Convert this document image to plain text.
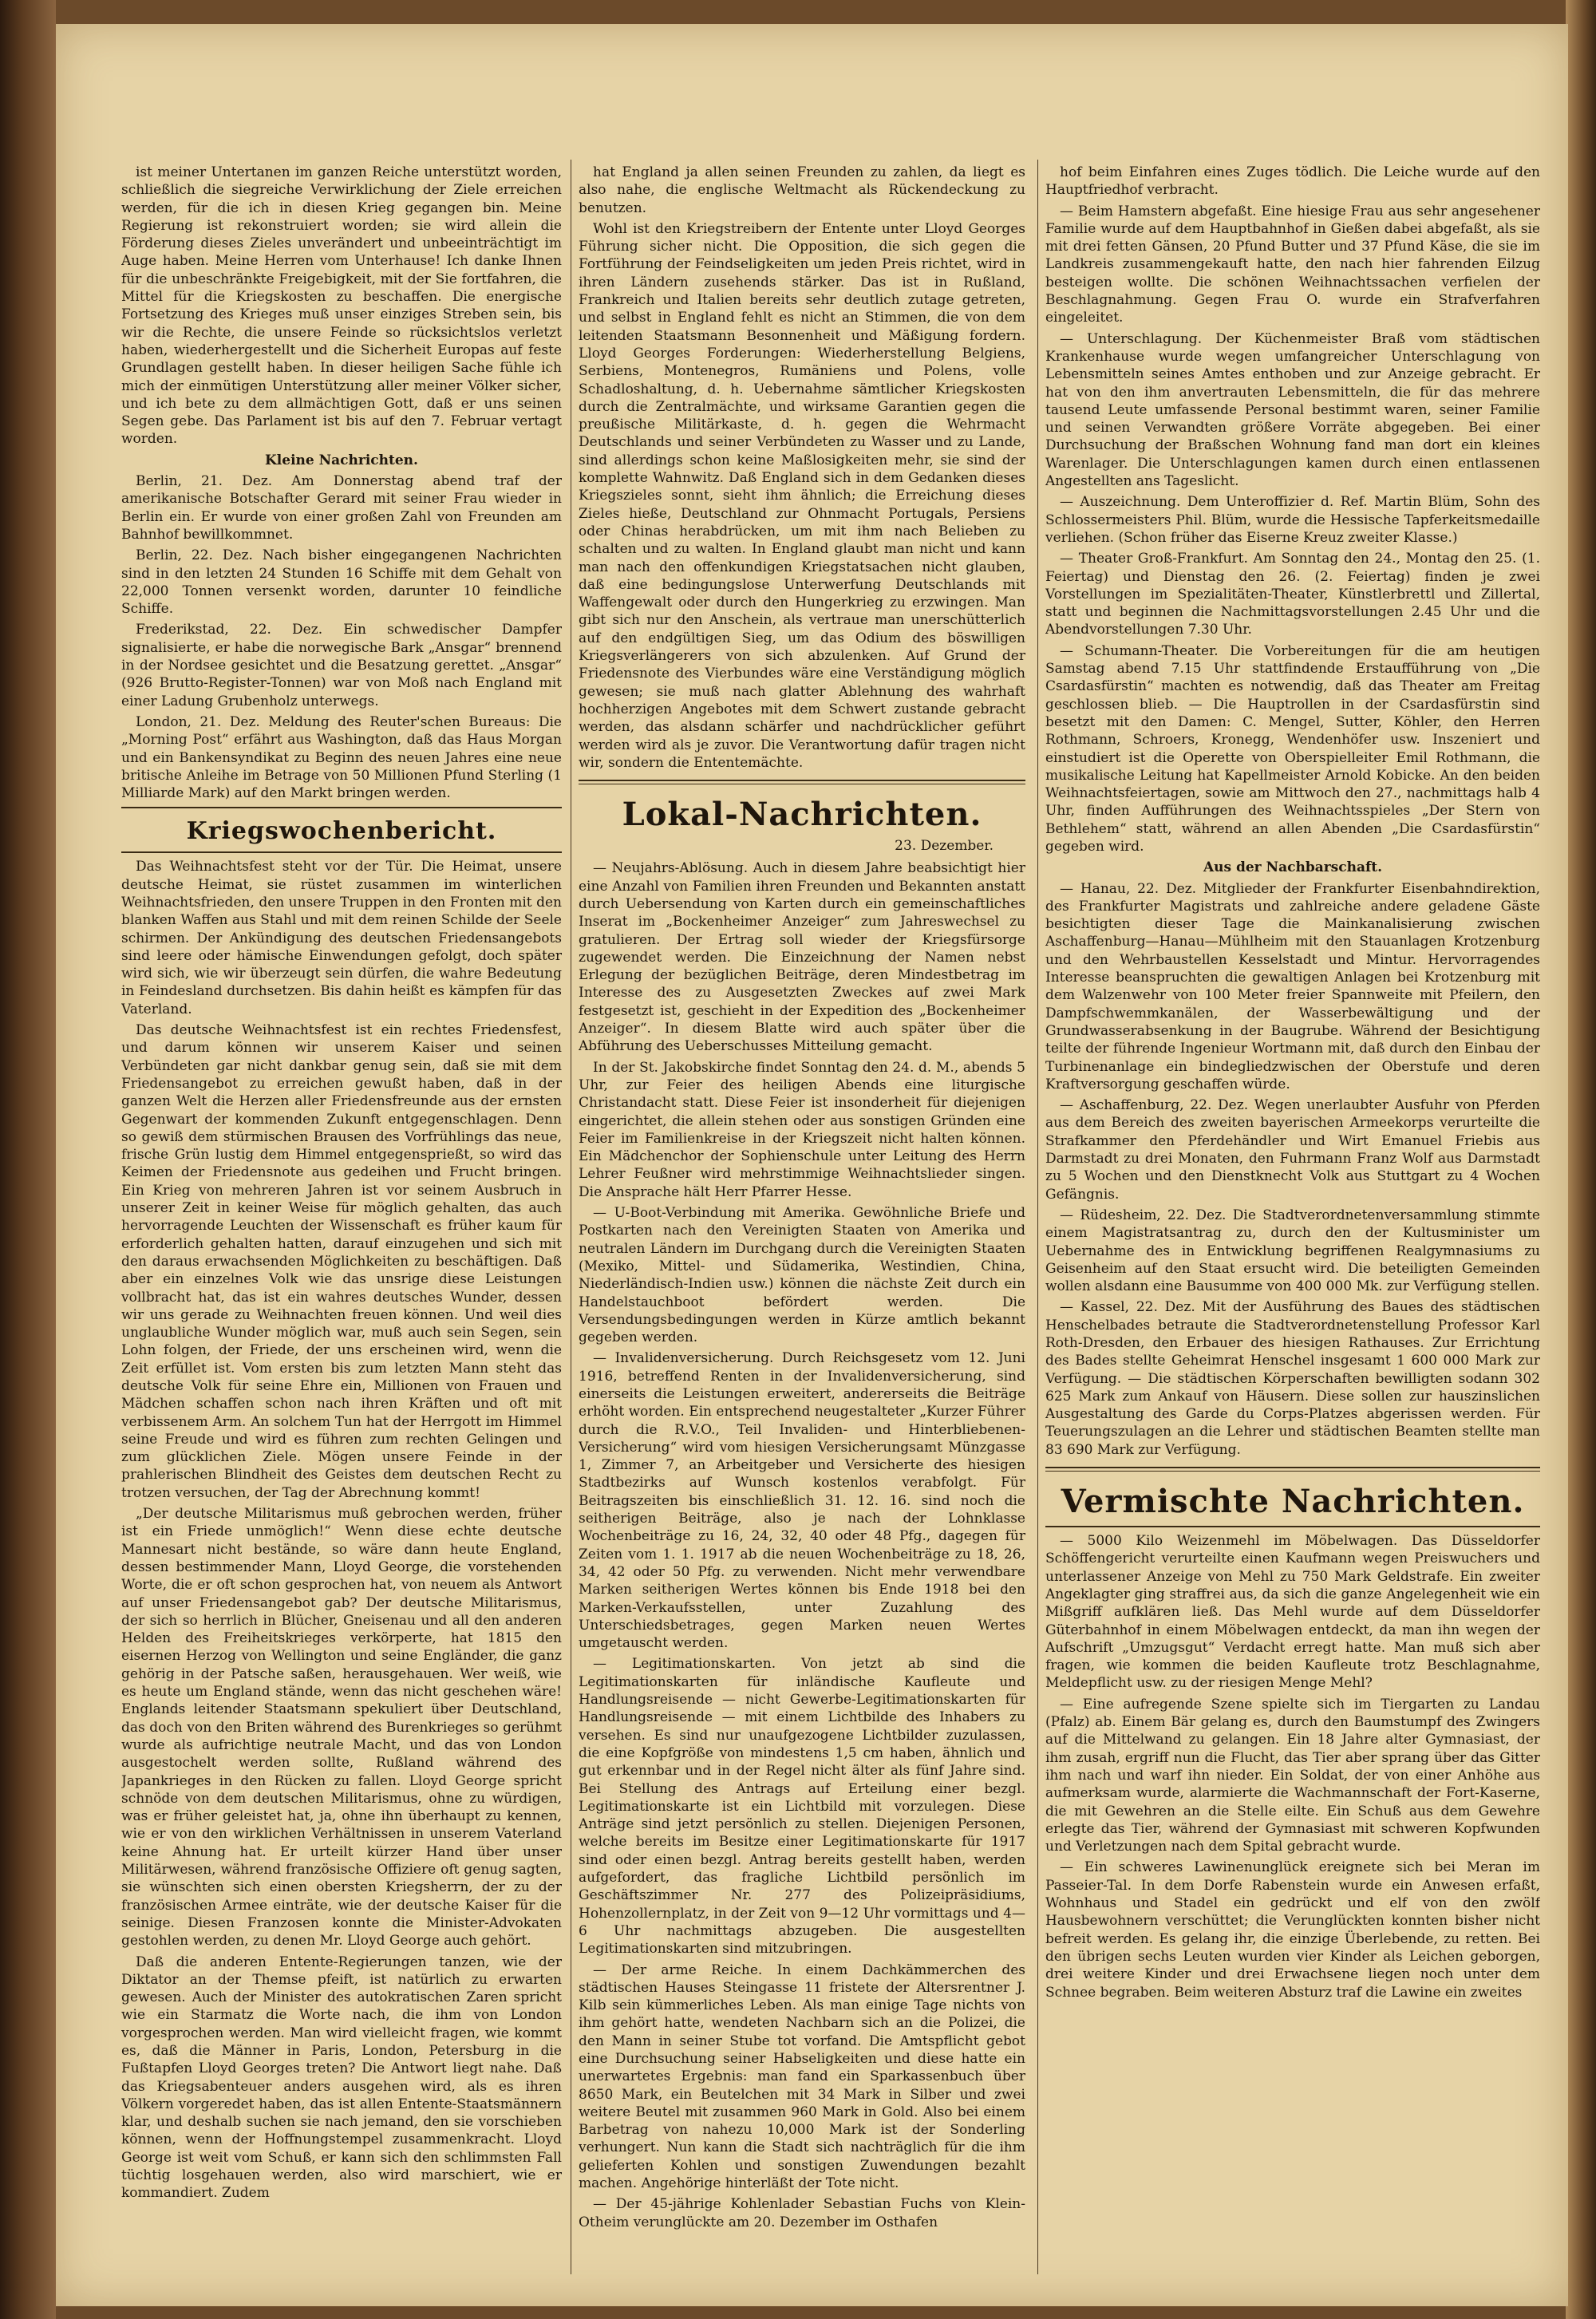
ist meiner Untertanen im ganzen Reiche unterstützt worden, schließlich die siegreiche Verwirklichung der Ziele erreichen werden, für die ich in diesen Krieg gegangen bin. Meine Regierung ist rekonstruiert worden; sie wird allein die Förderung dieses Zieles unverändert und unbeeinträchtigt im Auge haben. Meine Herren vom Unterhause! Ich danke Ihnen für die unbeschränkte Freigebigkeit, mit der Sie fortfahren, die Mittel für die Kriegskosten zu beschaffen. Die energische Fortsetzung des Krieges muß unser einziges Streben sein, bis wir die Rechte, die unsere Feinde so rücksichtslos verletzt haben, wiederhergestellt und die Sicherheit Europas auf feste Grundlagen gestellt haben. In dieser heiligen Sache fühle ich mich der einmütigen Unterstützung aller meiner Völker sicher, und ich bete zu dem allmächtigen Gott, daß er uns seinen Segen gebe. Das Parlament ist bis auf den 7. Februar vertagt worden.

Kleine Nachrichten.

Berlin, 21. Dez. Am Donnerstag abend traf der amerikanische Botschafter Gerard mit seiner Frau wieder in Berlin ein. Er wurde von einer großen Zahl von Freunden am Bahnhof bewillkommnet.

Berlin, 22. Dez. Nach bisher eingegangenen Nachrichten sind in den letzten 24 Stunden 16 Schiffe mit dem Gehalt von 22,000 Tonnen versenkt worden, darunter 10 feindliche Schiffe.

Frederikstad, 22. Dez. Ein schwedischer Dampfer signalisierte, er habe die norwegische Bark „Ansgar“ brennend in der Nordsee gesichtet und die Besatzung gerettet. „Ansgar“ (926 Brutto-Register-Tonnen) war von Moß nach England mit einer Ladung Grubenholz unterwegs.

London, 21. Dez. Meldung des Reuter'schen Bureaus: Die „Morning Post“ erfährt aus Washington, daß das Haus Morgan und ein Bankensyndikat zu Beginn des neuen Jahres eine neue britische Anleihe im Betrage von 50 Millionen Pfund Sterling (1 Milliarde Mark) auf den Markt bringen werden.

Kriegswochenbericht.

Das Weihnachtsfest steht vor der Tür. Die Heimat, unsere deutsche Heimat, sie rüstet zusammen im winterlichen Weihnachtsfrieden, den unsere Truppen in den Fronten mit den blanken Waffen aus Stahl und mit dem reinen Schilde der Seele schirmen. Der Ankündigung des deutschen Friedensangebots sind leere oder hämische Einwendungen gefolgt, doch später wird sich, wie wir überzeugt sein dürfen, die wahre Bedeutung in Feindesland durchsetzen. Bis dahin heißt es kämpfen für das Vaterland.

Das deutsche Weihnachtsfest ist ein rechtes Friedensfest, und darum können wir unserem Kaiser und seinen Verbündeten gar nicht dankbar genug sein, daß sie mit dem Friedensangebot zu erreichen gewußt haben, daß in der ganzen Welt die Herzen aller Friedensfreunde aus der ernsten Gegenwart der kommenden Zukunft entgegenschlagen. Denn so gewiß dem stürmischen Brausen des Vorfrühlings das neue, frische Grün lustig dem Himmel entgegensprießt, so wird das Keimen der Friedensnote aus gedeihen und Frucht bringen. Ein Krieg von mehreren Jahren ist vor seinem Ausbruch in unserer Zeit in keiner Weise für möglich gehalten, das auch hervorragende Leuchten der Wissenschaft es früher kaum für erforderlich gehalten hatten, darauf einzugehen und sich mit den daraus erwachsenden Möglichkeiten zu beschäftigen. Daß aber ein einzelnes Volk wie das unsrige diese Leistungen vollbracht hat, das ist ein wahres deutsches Wunder, dessen wir uns gerade zu Weihnachten freuen können. Und weil dies unglaubliche Wunder möglich war, muß auch sein Segen, sein Lohn folgen, der Friede, der uns erscheinen wird, wenn die Zeit erfüllet ist. Vom ersten bis zum letzten Mann steht das deutsche Volk für seine Ehre ein, Millionen von Frauen und Mädchen schaffen schon nach ihren Kräften und oft mit verbissenem Arm. An solchem Tun hat der Herrgott im Himmel seine Freude und wird es führen zum rechten Gelingen und zum glücklichen Ziele. Mögen unsere Feinde in der prahlerischen Blindheit des Geistes dem deutschen Recht zu trotzen versuchen, der Tag der Abrechnung kommt!

„Der deutsche Militarismus muß gebrochen werden, früher ist ein Friede unmöglich!“ Wenn diese echte deutsche Mannesart nicht bestände, so wäre dann heute England, dessen bestimmender Mann, Lloyd George, die vorstehenden Worte, die er oft schon gesprochen hat, von neuem als Antwort auf unser Friedensangebot gab? Der deutsche Militarismus, der sich so herrlich in Blücher, Gneisenau und all den anderen Helden des Freiheitskrieges verkörperte, hat 1815 den eisernen Herzog von Wellington und seine Engländer, die ganz gehörig in der Patsche saßen, herausgehauen. Wer weiß, wie es heute um England stände, wenn das nicht geschehen wäre! Englands leitender Staatsmann spekuliert über Deutschland, das doch von den Briten während des Burenkrieges so gerühmt wurde als aufrichtige neutrale Macht, und das von London ausgestochelt werden sollte, Rußland während des Japankrieges in den Rücken zu fallen. Lloyd George spricht schnöde von dem deutschen Militarismus, ohne zu würdigen, was er früher geleistet hat, ja, ohne ihn überhaupt zu kennen, wie er von den wirklichen Verhältnissen in unserem Vaterland keine Ahnung hat. Er urteilt kürzer Hand über unser Militärwesen, während französische Offiziere oft genug sagten, sie wünschten sich einen obersten Kriegsherrn, der zu der französischen Armee einträte, wie der deutsche Kaiser für die seinige. Diesen Franzosen konnte die Minister-Advokaten gestohlen werden, zu denen Mr. Lloyd George auch gehört.

Daß die anderen Entente-Regierungen tanzen, wie der Diktator an der Themse pfeift, ist natürlich zu erwarten gewesen. Auch der Minister des autokratischen Zaren spricht wie ein Starmatz die Worte nach, die ihm von London vorgesprochen werden. Man wird vielleicht fragen, wie kommt es, daß die Männer in Paris, London, Petersburg in die Fußtapfen Lloyd Georges treten? Die Antwort liegt nahe. Daß das Kriegsabenteuer anders ausgehen wird, als es ihren Völkern vorgeredet haben, das ist allen Entente-Staatsmännern klar, und deshalb suchen sie nach jemand, den sie vorschieben können, wenn der Hoffnungstempel zusammenkracht. Lloyd George ist weit vom Schuß, er kann sich den schlimmsten Fall tüchtig losgehauen werden, also wird marschiert, wie er kommandiert. Zudem

hat England ja allen seinen Freunden zu zahlen, da liegt es also nahe, die englische Weltmacht als Rückendeckung zu benutzen.

Wohl ist den Kriegstreibern der Entente unter Lloyd Georges Führung sicher nicht. Die Opposition, die sich gegen die Fortführung der Feindseligkeiten um jeden Preis richtet, wird in ihren Ländern zusehends stärker. Das ist in Rußland, Frankreich und Italien bereits sehr deutlich zutage getreten, und selbst in England fehlt es nicht an Stimmen, die von dem leitenden Staatsmann Besonnenheit und Mäßigung fordern. Lloyd Georges Forderungen: Wiederherstellung Belgiens, Serbiens, Montenegros, Rumäniens und Polens, volle Schadloshaltung, d. h. Uebernahme sämtlicher Kriegskosten durch die Zentralmächte, und wirksame Garantien gegen die preußische Militärkaste, d. h. gegen die Wehrmacht Deutschlands und seiner Verbündeten zu Wasser und zu Lande, sind allerdings schon keine Maßlosigkeiten mehr, sie sind der komplette Wahnwitz. Daß England sich in dem Gedanken dieses Kriegszieles sonnt, sieht ihm ähnlich; die Erreichung dieses Zieles hieße, Deutschland zur Ohnmacht Portugals, Persiens oder Chinas herabdrücken, um mit ihm nach Belieben zu schalten und zu walten. In England glaubt man nicht und kann man nach den offenkundigen Kriegstatsachen nicht glauben, daß eine bedingungslose Unterwerfung Deutschlands mit Waffengewalt oder durch den Hungerkrieg zu erzwingen. Man gibt sich nur den Anschein, als vertraue man unerschütterlich auf den endgültigen Sieg, um das Odium des böswilligen Kriegsverlängerers von sich abzulenken. Auf Grund der Friedensnote des Vierbundes wäre eine Verständigung möglich gewesen; sie muß nach glatter Ablehnung des wahrhaft hochherzigen Angebotes mit dem Schwert zustande gebracht werden, das alsdann schärfer und nachdrücklicher geführt werden wird als je zuvor. Die Verantwortung dafür tragen nicht wir, sondern die Ententemächte.

Lokal-Nachrichten.
23. Dezember.

— Neujahrs-Ablösung. Auch in diesem Jahre beabsichtigt hier eine Anzahl von Familien ihren Freunden und Bekannten anstatt durch Uebersendung von Karten durch ein gemeinschaftliches Inserat im „Bockenheimer Anzeiger“ zum Jahreswechsel zu gratulieren. Der Ertrag soll wieder der Kriegsfürsorge zugewendet werden. Die Einzeichnung der Namen nebst Erlegung der bezüglichen Beiträge, deren Mindestbetrag im Interesse des zu Ausgesetzten Zweckes auf zwei Mark festgesetzt ist, geschieht in der Expedition des „Bockenheimer Anzeiger“. In diesem Blatte wird auch später über die Abführung des Ueberschusses Mitteilung gemacht.

In der St. Jakobskirche findet Sonntag den 24. d. M., abends 5 Uhr, zur Feier des heiligen Abends eine liturgische Christandacht statt. Diese Feier ist insonderheit für diejenigen eingerichtet, die allein stehen oder aus sonstigen Gründen eine Feier im Familienkreise in der Kriegszeit nicht halten können. Ein Mädchenchor der Sophienschule unter Leitung des Herrn Lehrer Feußner wird mehrstimmige Weihnachtslieder singen. Die Ansprache hält Herr Pfarrer Hesse.

— U-Boot-Verbindung mit Amerika. Gewöhnliche Briefe und Postkarten nach den Vereinigten Staaten von Amerika und neutralen Ländern im Durchgang durch die Vereinigten Staaten (Mexiko, Mittel- und Südamerika, Westindien, China, Niederländisch-Indien usw.) können die nächste Zeit durch ein Handelstauchboot befördert werden. Die Versendungsbedingungen werden in Kürze amtlich bekannt gegeben werden.

— Invalidenversicherung. Durch Reichsgesetz vom 12. Juni 1916, betreffend Renten in der Invalidenversicherung, sind einerseits die Leistungen erweitert, andererseits die Beiträge erhöht worden. Ein entsprechend neugestalteter „Kurzer Führer durch die R.V.O., Teil Invaliden- und Hinterbliebenen-Versicherung“ wird vom hiesigen Versicherungsamt Münzgasse 1, Zimmer 7, an Arbeitgeber und Versicherte des hiesigen Stadtbezirks auf Wunsch kostenlos verabfolgt. Für Beitragszeiten bis einschließlich 31. 12. 16. sind noch die seitherigen Beiträge, also je nach der Lohnklasse Wochenbeiträge zu 16, 24, 32, 40 oder 48 Pfg., dagegen für Zeiten vom 1. 1. 1917 ab die neuen Wochenbeiträge zu 18, 26, 34, 42 oder 50 Pfg. zu verwenden. Nicht mehr verwendbare Marken seitherigen Wertes können bis Ende 1918 bei den Marken-Verkaufsstellen, unter Zuzahlung des Unterschiedsbetrages, gegen Marken neuen Wertes umgetauscht werden.

— Legitimationskarten. Von jetzt ab sind die Legitimationskarten für inländische Kaufleute und Handlungsreisende — nicht Gewerbe-Legitimationskarten für Handlungsreisende — mit einem Lichtbilde des Inhabers zu versehen. Es sind nur unaufgezogene Lichtbilder zuzulassen, die eine Kopfgröße von mindestens 1,5 cm haben, ähnlich und gut erkennbar und in der Regel nicht älter als fünf Jahre sind. Bei Stellung des Antrags auf Erteilung einer bezgl. Legitimationskarte ist ein Lichtbild mit vorzulegen. Diese Anträge sind jetzt persönlich zu stellen. Diejenigen Personen, welche bereits im Besitze einer Legitimationskarte für 1917 sind oder einen bezgl. Antrag bereits gestellt haben, werden aufgefordert, das fragliche Lichtbild persönlich im Geschäftszimmer Nr. 277 des Polizeipräsidiums, Hohenzollernplatz, in der Zeit von 9—12 Uhr vormittags und 4—6 Uhr nachmittags abzugeben. Die ausgestellten Legitimationskarten sind mitzubringen.

— Der arme Reiche. In einem Dachkämmerchen des städtischen Hauses Steingasse 11 fristete der Altersrentner J. Kilb sein kümmerliches Leben. Als man einige Tage nichts von ihm gehört hatte, wendeten Nachbarn sich an die Polizei, die den Mann in seiner Stube tot vorfand. Die Amtspflicht gebot eine Durchsuchung seiner Habseligkeiten und diese hatte ein unerwartetes Ergebnis: man fand ein Sparkassenbuch über 8650 Mark, ein Beutelchen mit 34 Mark in Silber und zwei weitere Beutel mit zusammen 960 Mark in Gold. Also bei einem Barbetrag von nahezu 10,000 Mark ist der Sonderling verhungert. Nun kann die Stadt sich nachträglich für die ihm gelieferten Kohlen und sonstigen Zuwendungen bezahlt machen. Angehörige hinterläßt der Tote nicht.

— Der 45-jährige Kohlenlader Sebastian Fuchs von Klein-Otheim verunglückte am 20. Dezember im Osthafen

hof beim Einfahren eines Zuges tödlich. Die Leiche wurde auf den Hauptfriedhof verbracht.

— Beim Hamstern abgefaßt. Eine hiesige Frau aus sehr angesehener Familie wurde auf dem Hauptbahnhof in Gießen dabei abgefaßt, als sie mit drei fetten Gänsen, 20 Pfund Butter und 37 Pfund Käse, die sie im Landkreis zusammengekauft hatte, den nach hier fahrenden Eilzug besteigen wollte. Die schönen Weihnachtssachen verfielen der Beschlagnahmung. Gegen Frau O. wurde ein Strafverfahren eingeleitet.

— Unterschlagung. Der Küchenmeister Braß vom städtischen Krankenhause wurde wegen umfangreicher Unterschlagung von Lebensmitteln seines Amtes enthoben und zur Anzeige gebracht. Er hat von den ihm anvertrauten Lebensmitteln, die für das mehrere tausend Leute umfassende Personal bestimmt waren, seiner Familie und seinen Verwandten größere Vorräte abgegeben. Bei einer Durchsuchung der Braßschen Wohnung fand man dort ein kleines Warenlager. Die Unterschlagungen kamen durch einen entlassenen Angestellten ans Tageslicht.

— Auszeichnung. Dem Unteroffizier d. Ref. Martin Blüm, Sohn des Schlossermeisters Phil. Blüm, wurde die Hessische Tapferkeitsmedaille verliehen. (Schon früher das Eiserne Kreuz zweiter Klasse.)

— Theater Groß-Frankfurt. Am Sonntag den 24., Montag den 25. (1. Feiertag) und Dienstag den 26. (2. Feiertag) finden je zwei Vorstellungen im Spezialitäten-Theater, Künstlerbrettl und Zillertal, statt und beginnen die Nachmittagsvorstellungen 2.45 Uhr und die Abendvorstellungen 7.30 Uhr.

— Schumann-Theater. Die Vorbereitungen für die am heutigen Samstag abend 7.15 Uhr stattfindende Erstaufführung von „Die Csardasfürstin“ machten es notwendig, daß das Theater am Freitag geschlossen blieb. — Die Hauptrollen in der Csardasfürstin sind besetzt mit den Damen: C. Mengel, Sutter, Köhler, den Herren Rothmann, Schroers, Kronegg, Wendenhöfer usw. Inszeniert und einstudiert ist die Operette von Oberspielleiter Emil Rothmann, die musikalische Leitung hat Kapellmeister Arnold Kobicke. An den beiden Weihnachtsfeiertagen, sowie am Mittwoch den 27., nachmittags halb 4 Uhr, finden Aufführungen des Weihnachtsspieles „Der Stern von Bethlehem“ statt, während an allen Abenden „Die Csardasfürstin“ gegeben wird.

Aus der Nachbarschaft.

— Hanau, 22. Dez. Mitglieder der Frankfurter Eisenbahndirektion, des Frankfurter Magistrats und zahlreiche andere geladene Gäste besichtigten dieser Tage die Mainkanalisierung zwischen Aschaffenburg—Hanau—Mühlheim mit den Stauanlagen Krotzenburg und den Wehrbaustellen Kesselstadt und Mintur. Hervorragendes Interesse beanspruchten die gewaltigen Anlagen bei Krotzenburg mit dem Walzenwehr von 100 Meter freier Spannweite mit Pfeilern, den Dampfschwemmkanälen, der Wasserbewältigung und der Grundwasserabsenkung in der Baugrube. Während der Besichtigung teilte der führende Ingenieur Wortmann mit, daß durch den Einbau der Turbinenanlage ein bindegliedzwischen der Oberstufe und deren Kraftversorgung geschaffen würde.

— Aschaffenburg, 22. Dez. Wegen unerlaubter Ausfuhr von Pferden aus dem Bereich des zweiten bayerischen Armeekorps verurteilte die Strafkammer den Pferdehändler und Wirt Emanuel Friebis aus Darmstadt zu drei Monaten, den Fuhrmann Franz Wolf aus Darmstadt zu 5 Wochen und den Dienstknecht Volk aus Stuttgart zu 4 Wochen Gefängnis.

— Rüdesheim, 22. Dez. Die Stadtverordnetenversammlung stimmte einem Magistratsantrag zu, durch den der Kultusminister um Uebernahme des in Entwicklung begriffenen Realgymnasiums zu Geisenheim auf den Staat ersucht wird. Die beteiligten Gemeinden wollen alsdann eine Bausumme von 400 000 Mk. zur Verfügung stellen.

— Kassel, 22. Dez. Mit der Ausführung des Baues des städtischen Henschelbades betraute die Stadtverordnetenstellung Professor Karl Roth-Dresden, den Erbauer des hiesigen Rathauses. Zur Errichtung des Bades stellte Geheimrat Henschel insgesamt 1 600 000 Mark zur Verfügung. — Die städtischen Körperschaften bewilligten sodann 302 625 Mark zum Ankauf von Häusern. Diese sollen zur hauszinslichen Ausgestaltung des Garde du Corps-Platzes abgerissen werden. Für Teuerungszulagen an die Lehrer und städtischen Beamten stellte man 83 690 Mark zur Verfügung.

Vermischte Nachrichten.

— 5000 Kilo Weizenmehl im Möbelwagen. Das Düsseldorfer Schöffengericht verurteilte einen Kaufmann wegen Preiswuchers und unterlassener Anzeige von Mehl zu 750 Mark Geldstrafe. Ein zweiter Angeklagter ging straffrei aus, da sich die ganze Angelegenheit wie ein Mißgriff aufklären ließ. Das Mehl wurde auf dem Düsseldorfer Güterbahnhof in einem Möbelwagen entdeckt, da man ihn wegen der Aufschrift „Umzugsgut“ Verdacht erregt hatte. Man muß sich aber fragen, wie kommen die beiden Kaufleute trotz Beschlagnahme, Meldepflicht usw. zu der riesigen Menge Mehl?

— Eine aufregende Szene spielte sich im Tiergarten zu Landau (Pfalz) ab. Einem Bär gelang es, durch den Baumstumpf des Zwingers auf die Mittelwand zu gelangen. Ein 18 Jahre alter Gymnasiast, der ihm zusah, ergriff nun die Flucht, das Tier aber sprang über das Gitter ihm nach und warf ihn nieder. Ein Soldat, der von einer Anhöhe aus aufmerksam wurde, alarmierte die Wachmannschaft der Fort-Kaserne, die mit Gewehren an die Stelle eilte. Ein Schuß aus dem Gewehre erlegte das Tier, während der Gymnasiast mit schweren Kopfwunden und Verletzungen nach dem Spital gebracht wurde.

— Ein schweres Lawinenunglück ereignete sich bei Meran im Passeier-Tal. In dem Dorfe Rabenstein wurde ein Anwesen erfaßt, Wohnhaus und Stadel ein gedrückt und elf von den zwölf Hausbewohnern verschüttet; die Verunglückten konnten bisher nicht befreit werden. Es gelang ihr, die einzige Überlebende, zu retten. Bei den übrigen sechs Leuten wurden vier Kinder als Leichen geborgen, drei weitere Kinder und drei Erwachsene liegen noch unter dem Schnee begraben. Beim weiteren Absturz traf die Lawine ein zweites
